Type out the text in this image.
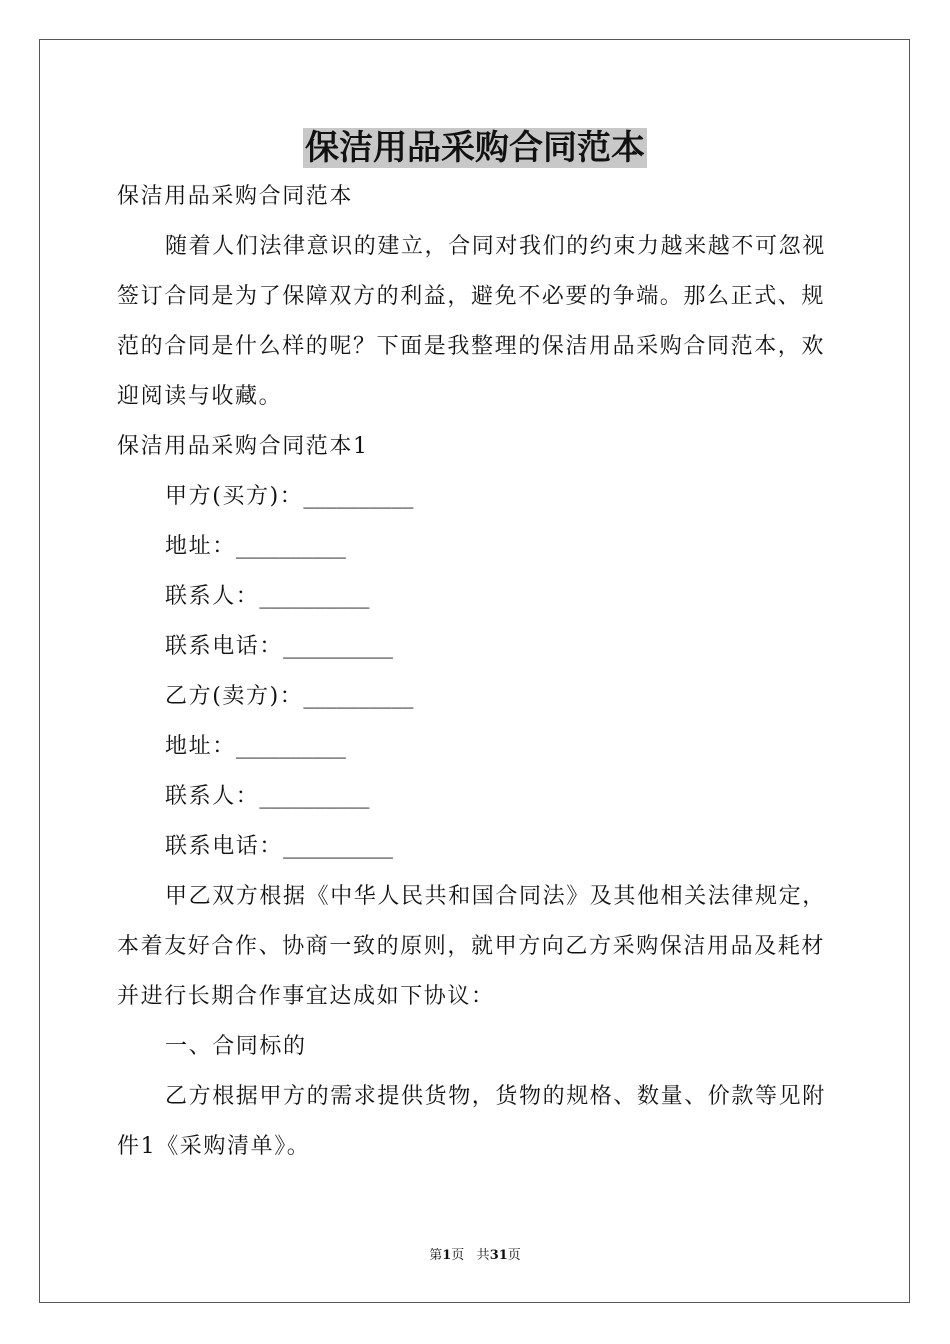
保洁用品采购合同范本

保洁用品采购合同范本

随着人们法律意识的建立，合同对我们的约束力越来越不可忽视

签订合同是为了保障双方的利益，避免不必要的争端。那么正式、规

范的合同是什么样的呢？下面是我整理的保洁用品采购合同范本，欢

迎阅读与收藏。

保洁用品采购合同范本1

甲方(买方)：__________

地址：__________

联系人：__________

联系电话：__________

乙方(卖方)：__________

地址：__________

联系人：__________

联系电话：__________

甲乙双方根据《中华人民共和国合同法》及其他相关法律规定，

本着友好合作、协商一致的原则，就甲方向乙方采购保洁用品及耗材

并进行长期合作事宜达成如下协议：

一、合同标的

乙方根据甲方的需求提供货物，货物的规格、数量、价款等见附

件1《采购清单》。

第1页 共31页
